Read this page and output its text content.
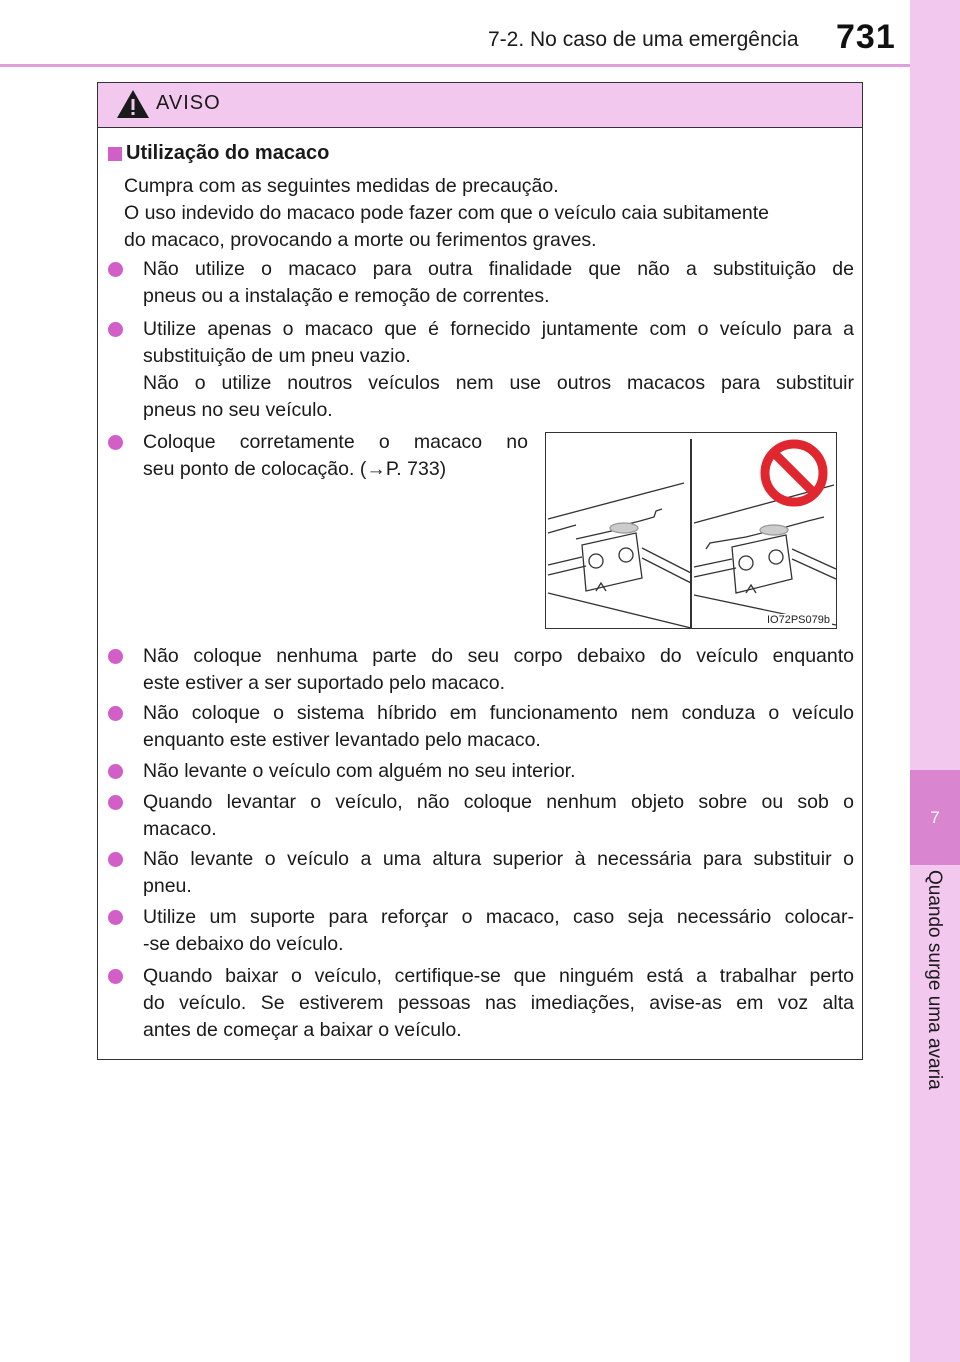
7-2. No caso de uma emergência 731
7
Quando surge uma avaria
AVISO
Utilização do macaco
Cumpra com as seguintes medidas de precaução.
O uso indevido do macaco pode fazer com que o veículo caia subitamente
do macaco, provocando a morte ou ferimentos graves.
Não utilize o macaco para outra finalidade que não a substituição de
pneus ou a instalação e remoção de correntes.
Utilize apenas o macaco que é fornecido juntamente com o veículo para a
substituição de um pneu vazio.
Não o utilize noutros veículos nem use outros macacos para substituir
pneus no seu veículo.
Coloque corretamente o macaco no
seu ponto de colocação. (→P. 733)
Não coloque nenhuma parte do seu corpo debaixo do veículo enquanto
este estiver a ser suportado pelo macaco.
Não coloque o sistema híbrido em funcionamento nem conduza o veículo
enquanto este estiver levantado pelo macaco.
Não levante o veículo com alguém no seu interior.
Quando levantar o veículo, não coloque nenhum objeto sobre ou sob o
macaco.
Não levante o veículo a uma altura superior à necessária para substituir o
pneu.
Utilize um suporte para reforçar o macaco, caso seja necessário colocar-
-se debaixo do veículo.
Quando baixar o veículo, certifique-se que ninguém está a trabalhar perto
do veículo. Se estiverem pessoas nas imediações, avise-as em voz alta
antes de começar a baixar o veículo.
IO72PS079b
